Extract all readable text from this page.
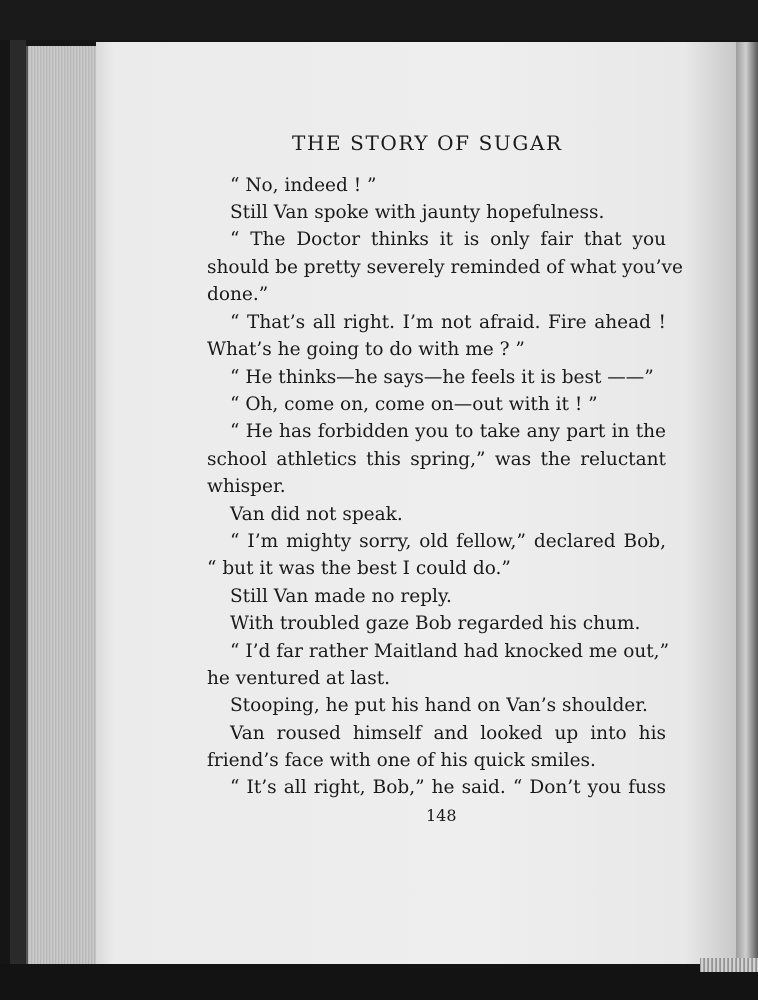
THE STORY OF SUGAR
“ No, indeed ! ”
Still Van spoke with jaunty hopefulness.
“ The Doctor thinks it is only fair that you
should be pretty severely reminded of what you’ve
done.”
“ That’s all right. I’m not afraid. Fire ahead !
What’s he going to do with me ? ”
“ He thinks—he says—he feels it is best ——”
“ Oh, come on, come on—out with it ! ”
“ He has forbidden you to take any part in the
school athletics this spring,” was the reluctant
whisper.
Van did not speak.
“ I’m mighty sorry, old fellow,” declared Bob,
“ but it was the best I could do.”
Still Van made no reply.
With troubled gaze Bob regarded his chum.
“ I’d far rather Maitland had knocked me out,”
he ventured at last.
Stooping, he put his hand on Van’s shoulder.
Van roused himself and looked up into his
friend’s face with one of his quick smiles.
“ It’s all right, Bob,” he said. “ Don’t you fuss
148
